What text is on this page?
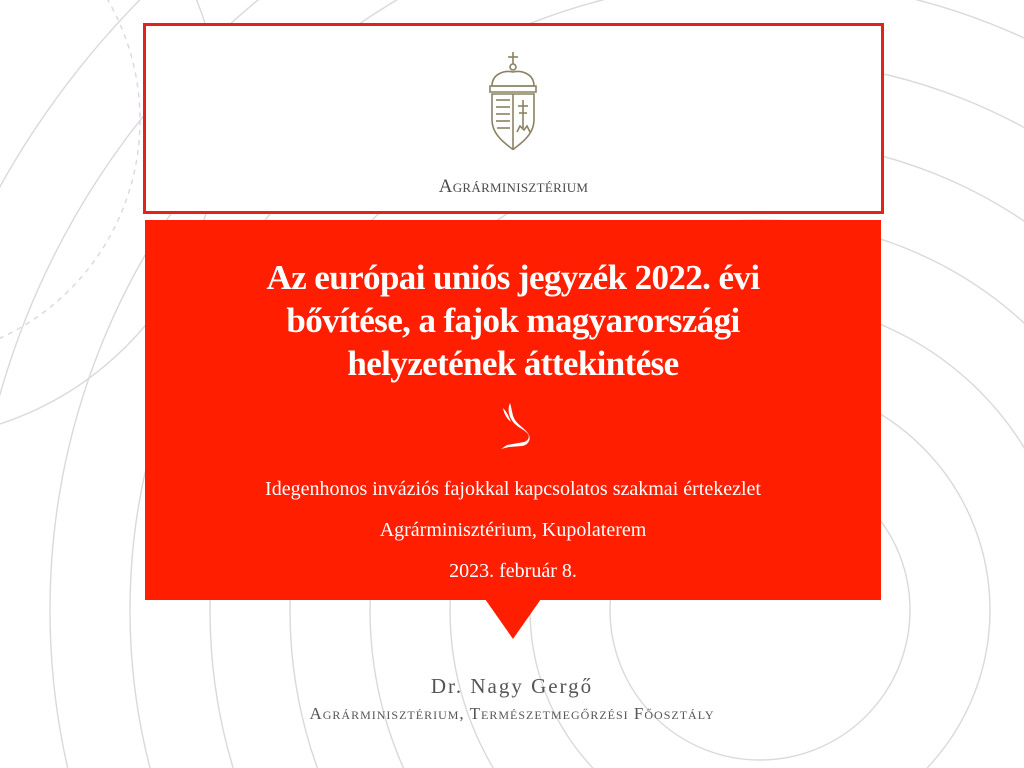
Agrárminisztérium
Az európai uniós jegyzék 2022. évi
bővítése, a fajok magyarországi
helyzetének áttekintése
Idegenhonos inváziós fajokkal kapcsolatos szakmai értekezlet
Agrárminisztérium, Kupolaterem
2023. február 8.
Dr. Nagy Gergő
Agrárminisztérium, Természetmegőrzési Főosztály
